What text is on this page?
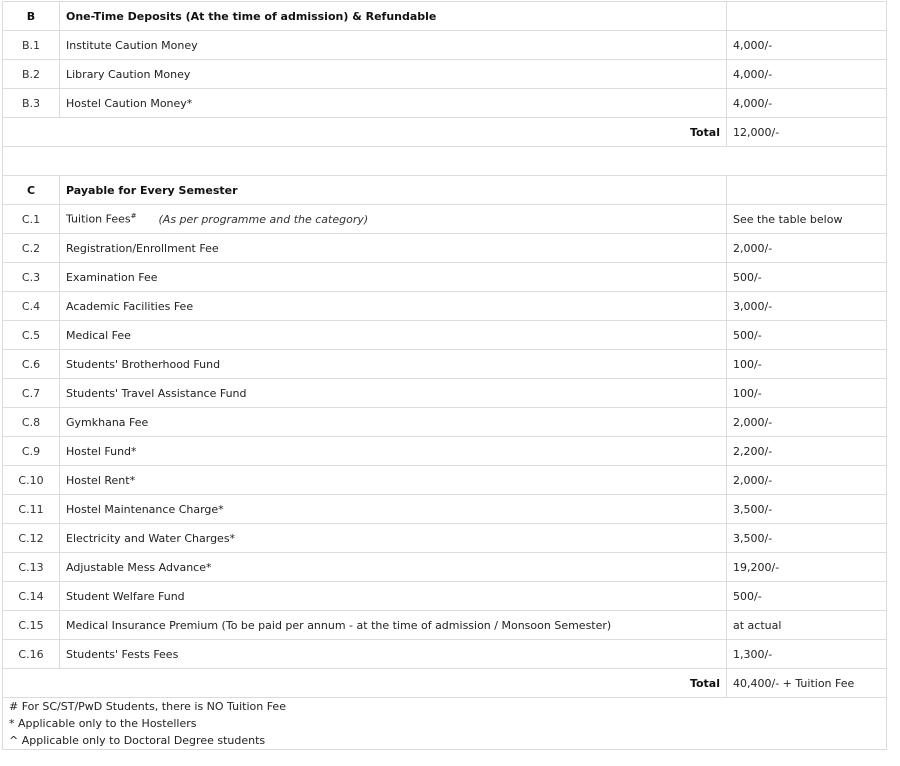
B	One-Time Deposits (At the time of admission) & Refundable	
B.1	Institute Caution Money	4,000/-
B.2	Library Caution Money	4,000/-
B.3	Hostel Caution Money*	4,000/-
Total		12,000/-

C	Payable for Every Semester	
C.1	Tuition Fees# (As per programme and the category)	See the table below
C.2	Registration/Enrollment Fee	2,000/-
C.3	Examination Fee	500/-
C.4	Academic Facilities Fee	3,000/-
C.5	Medical Fee	500/-
C.6	Students' Brotherhood Fund	100/-
C.7	Students' Travel Assistance Fund	100/-
C.8	Gymkhana Fee	2,000/-
C.9	Hostel Fund*	2,200/-
C.10	Hostel Rent*	2,000/-
C.11	Hostel Maintenance Charge*	3,500/-
C.12	Electricity and Water Charges*	3,500/-
C.13	Adjustable Mess Advance*	19,200/-
C.14	Student Welfare Fund	500/-
C.15	Medical Insurance Premium (To be paid per annum - at the time of admission / Monsoon Semester)	at actual
C.16	Students' Fests Fees	1,300/-
Total		40,400/- + Tuition Fee

# For SC/ST/PwD Students, there is NO Tuition Fee
* Applicable only to the Hostellers
^ Applicable only to Doctoral Degree students		
